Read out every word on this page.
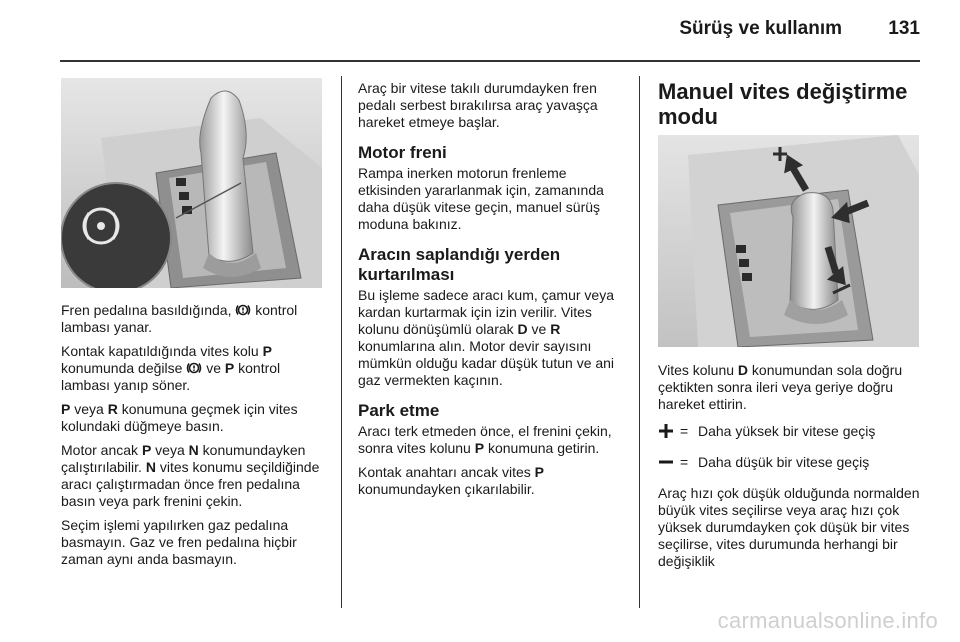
Sürüş ve kullanım 131

Fren pedalına basıldığında,  kontrol lambası yanar.

Kontak kapatıldığında vites kolu P konumunda değilse  ve P kontrol lambası yanıp söner.

P veya R konumuna geçmek için vites kolundaki düğmeye basın.

Motor ancak P veya N konumundayken çalıştırılabilir. N vites konumu seçildiğinde aracı çalıştırmadan önce fren pedalına basın veya park frenini çekin.

Seçim işlemi yapılırken gaz pedalına basmayın. Gaz ve fren pedalına hiçbir zaman aynı anda basmayın.

Araç bir vitese takılı durumdayken fren pedalı serbest bırakılırsa araç yavaşça hareket etmeye başlar.

Motor freni

Rampa inerken motorun frenleme etkisinden yararlanmak için, zamanında daha düşük vitese geçin, manuel sürüş moduna bakınız.

Aracın saplandığı yerden kurtarılması

Bu işleme sadece aracı kum, çamur veya kardan kurtarmak için izin verilir. Vites kolunu dönüşümlü olarak D ve R konumlarına alın. Motor devir sayısını mümkün olduğu kadar düşük tutun ve ani gaz vermekten kaçının.

Park etme

Aracı terk etmeden önce, el frenini çekin, sonra vites kolunu P konumuna getirin.

Kontak anahtarı ancak vites P konumundayken çıkarılabilir.

Manuel vites değiştirme modu

Vites kolunu D konumundan sola doğru çektikten sonra ileri veya geriye doğru hareket ettirin.

= Daha yüksek bir vitese geçiş
= Daha düşük bir vitese geçiş

Araç hızı çok düşük olduğunda normalden büyük vites seçilirse veya araç hızı çok yüksek durumdayken çok düşük bir vites seçilirse, vites durumunda herhangi bir değişiklik

carmanualsonline.info
